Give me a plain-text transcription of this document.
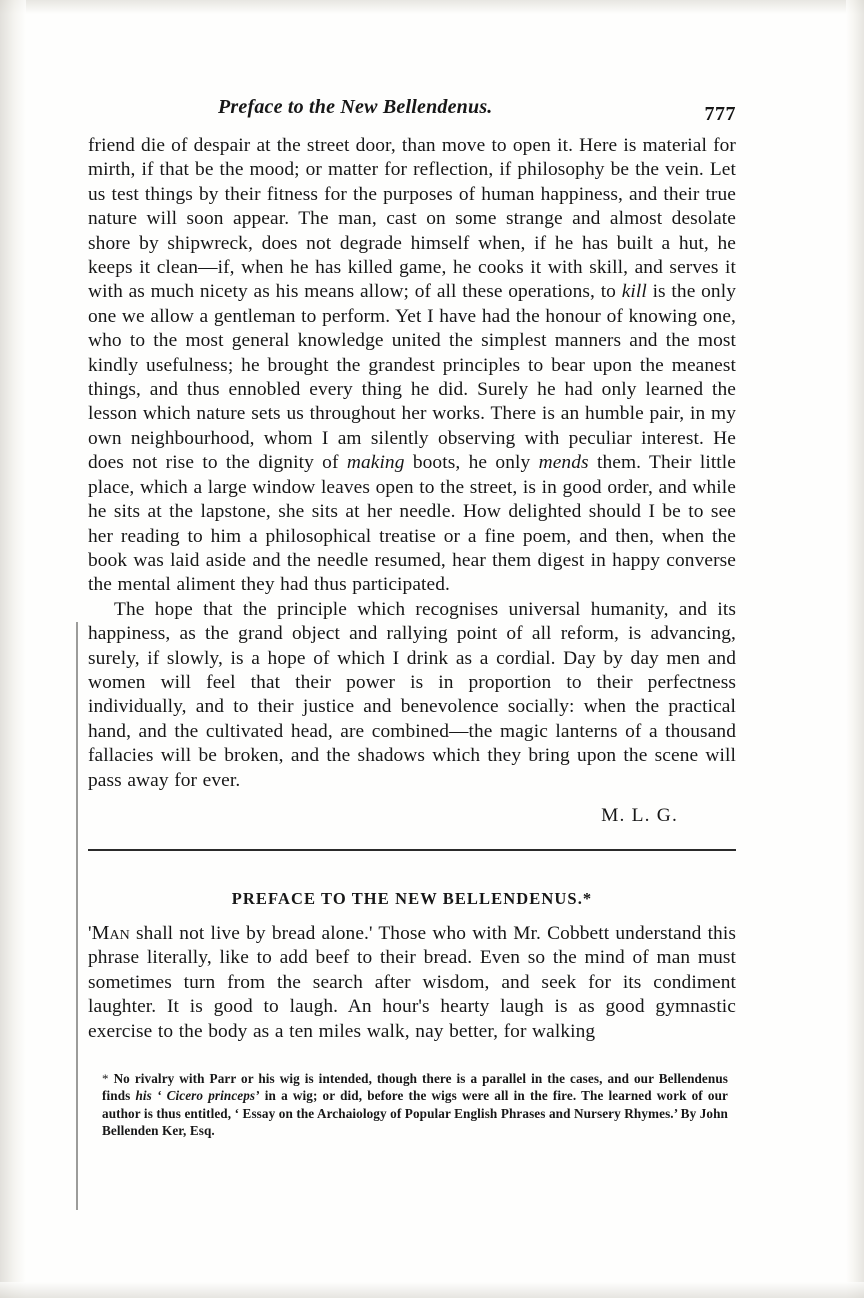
Preface to the New Bellendenus.	777

friend die of despair at the street door, than move to open it. Here is material for mirth, if that be the mood; or matter for reflection, if philosophy be the vein. Let us test things by their fitness for the purposes of human happiness, and their true nature will soon appear. The man, cast on some strange and almost desolate shore by shipwreck, does not degrade himself when, if he has built a hut, he keeps it clean—if, when he has killed game, he cooks it with skill, and serves it with as much nicety as his means allow; of all these operations, to kill is the only one we allow a gentleman to perform. Yet I have had the honour of knowing one, who to the most general knowledge united the simplest manners and the most kindly usefulness; he brought the grandest principles to bear upon the meanest things, and thus ennobled every thing he did. Surely he had only learned the lesson which nature sets us throughout her works. There is an humble pair, in my own neighbourhood, whom I am silently observing with peculiar interest. He does not rise to the dignity of making boots, he only mends them. Their little place, which a large window leaves open to the street, is in good order, and while he sits at the lapstone, she sits at her needle. How delighted should I be to see her reading to him a philosophical treatise or a fine poem, and then, when the book was laid aside and the needle resumed, hear them digest in happy converse the mental aliment they had thus participated.

The hope that the principle which recognises universal humanity, and its happiness, as the grand object and rallying point of all reform, is advancing, surely, if slowly, is a hope of which I drink as a cordial. Day by day men and women will feel that their power is in proportion to their perfectness individually, and to their justice and benevolence socially: when the practical hand, and the cultivated head, are combined—the magic lanterns of a thousand fallacies will be broken, and the shadows which they bring upon the scene will pass away for ever.

M. L. G.
PREFACE TO THE NEW BELLENDENUS.*

'Man shall not live by bread alone.' Those who with Mr. Cobbett understand this phrase literally, like to add beef to their bread. Even so the mind of man must sometimes turn from the search after wisdom, and seek for its condiment laughter. It is good to laugh. An hour's hearty laugh is as good gymnastic exercise to the body as a ten miles walk, nay better, for walking

* No rivalry with Parr or his wig is intended, though there is a parallel in the cases, and our Bellendenus finds his ‘ Cicero princeps’ in a wig; or did, before the wigs were all in the fire. The learned work of our author is thus entitled, ‘ Essay on the Archaiology of Popular English Phrases and Nursery Rhymes.’ By John Bellenden Ker, Esq.
